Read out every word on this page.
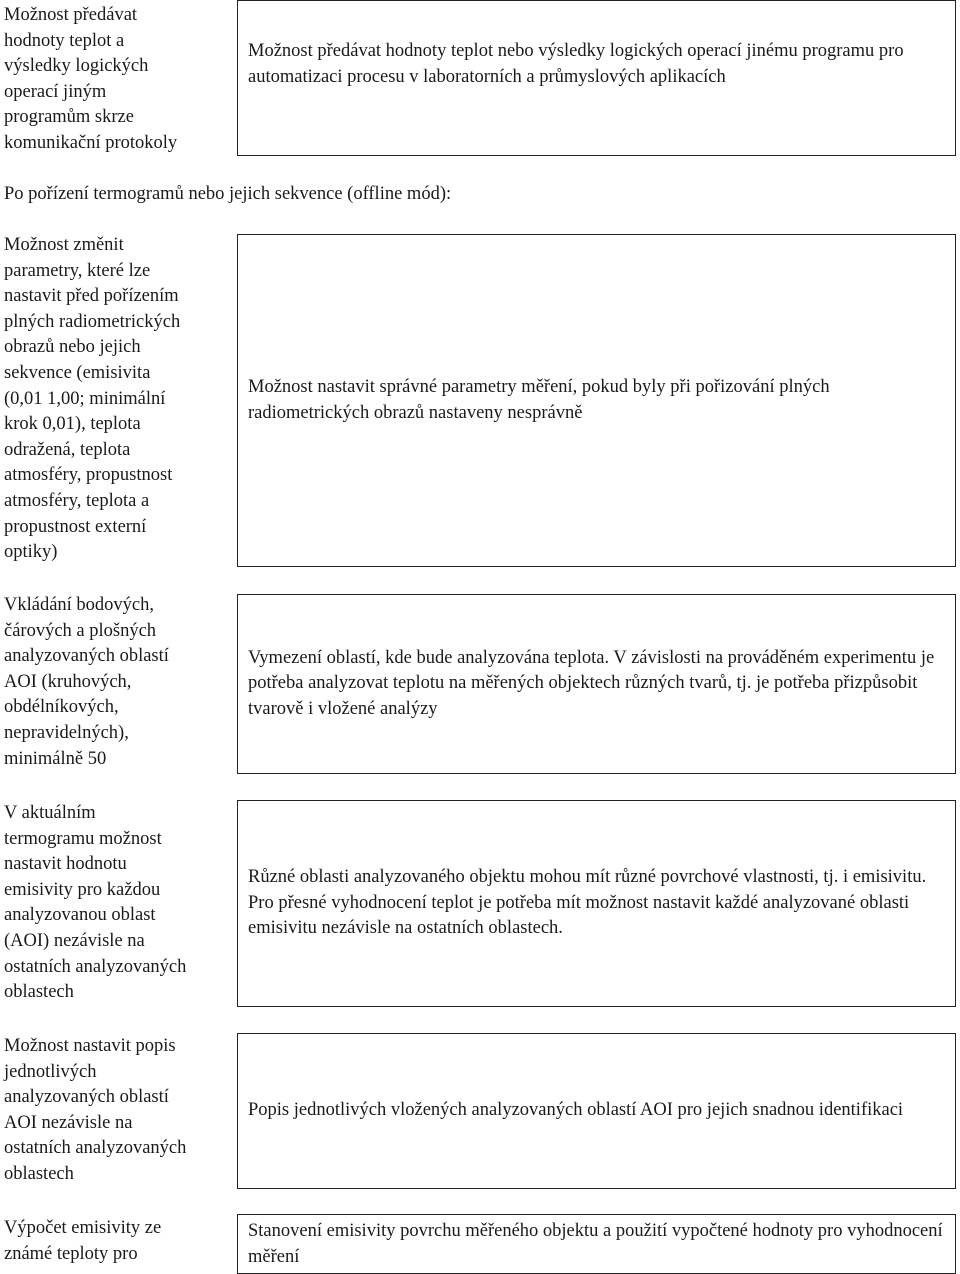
Možnost předávat
hodnoty teplot a
výsledky logických
operací jiným
programům skrze
komunikační protokoly
Možnost předávat hodnoty teplot nebo výsledky logických operací jinému programu pro automatizaci procesu v laboratorních a průmyslových aplikacích
Po pořízení termogramů nebo jejich sekvence (offline mód):
Možnost změnit
parametry, které lze
nastavit před pořízením
plných radiometrických
obrazů nebo jejich
sekvence (emisivita
(0,01 1,00; minimální
krok 0,01), teplota
odražená, teplota
atmosféry, propustnost
atmosféry, teplota a
propustnost externí
optiky)
Možnost nastavit správné parametry měření, pokud byly při pořizování plných radiometrických obrazů nastaveny nesprávně
Vkládání bodových,
čárových a plošných
analyzovaných oblastí
AOI (kruhových,
obdélníkových,
nepravidelných),
minimálně 50
Vymezení oblastí, kde bude analyzována teplota. V závislosti na prováděném experimentu je potřeba analyzovat teplotu na měřených objektech různých tvarů, tj. je potřeba přizpůsobit tvarově i vložené analýzy
V aktuálním
termogramu možnost
nastavit hodnotu
emisivity pro každou
analyzovanou oblast
(AOI) nezávisle na
ostatních analyzovaných
oblastech
Různé oblasti analyzovaného objektu mohou mít různé povrchové vlastnosti, tj. i emisivitu. Pro přesné vyhodnocení teplot je potřeba mít možnost nastavit každé analyzované oblasti emisivitu nezávisle na ostatních oblastech.
Možnost nastavit popis
jednotlivých
analyzovaných oblastí
AOI nezávisle na
ostatních analyzovaných
oblastech
Popis jednotlivých vložených analyzovaných oblastí AOI pro jejich snadnou identifikaci
Výpočet emisivity ze
známé teploty pro
Stanovení emisivity povrchu měřeného objektu a použití vypočtené hodnoty pro vyhodnocení měření
